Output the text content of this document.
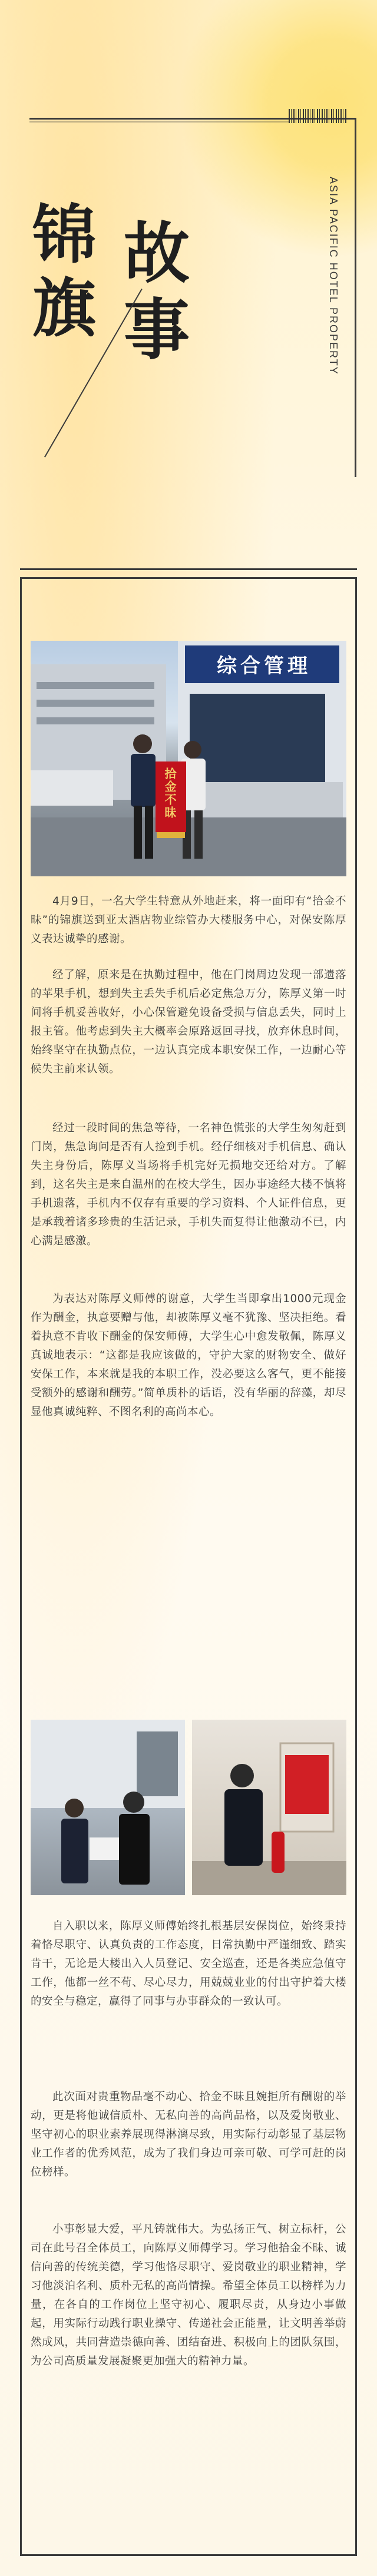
锦
旗
故
事	ASIA PACIFIC HOTEL PROPERTY
综合管理
拾金不昧

4月9日，一名大学生特意从外地赶来，将一面印有“拾金不昧”的锦旗送到亚太酒店物业综管办大楼服务中心，对保安陈厚义表达诚挚的感谢。

经了解，原来是在执勤过程中，他在门岗周边发现一部遗落的苹果手机，想到失主丢失手机后必定焦急万分，陈厚义第一时间将手机妥善收好，小心保管避免设备受损与信息丢失，同时上报主管。他考虑到失主大概率会原路返回寻找，放弃休息时间，始终坚守在执勤点位，一边认真完成本职安保工作，一边耐心等候失主前来认领。

经过一段时间的焦急等待，一名神色慌张的大学生匆匆赶到门岗，焦急询问是否有人捡到手机。经仔细核对手机信息、确认失主身份后，陈厚义当场将手机完好无损地交还给对方。了解到，这名失主是来自温州的在校大学生，因办事途经大楼不慎将手机遗落，手机内不仅存有重要的学习资料、个人证件信息，更是承载着诸多珍贵的生活记录，手机失而复得让他激动不已，内心满是感激。

为表达对陈厚义师傅的谢意，大学生当即拿出1000元现金作为酬金，执意要赠与他，却被陈厚义毫不犹豫、坚决拒绝。看着执意不肯收下酬金的保安师傅，大学生心中愈发敬佩，陈厚义真诚地表示：“这都是我应该做的，守护大家的财物安全、做好安保工作，本来就是我的本职工作，没必要这么客气，更不能接受额外的感谢和酬劳。”简单质朴的话语，没有华丽的辞藻，却尽显他真诚纯粹、不图名利的高尚本心。

自入职以来，陈厚义师傅始终扎根基层安保岗位，始终秉持着恪尽职守、认真负责的工作态度，日常执勤中严谨细致、踏实肯干，无论是大楼出入人员登记、安全巡查，还是各类应急值守工作，他都一丝不苟、尽心尽力，用兢兢业业的付出守护着大楼的安全与稳定，赢得了同事与办事群众的一致认可。

此次面对贵重物品毫不动心、拾金不昧且婉拒所有酬谢的举动，更是将他诚信质朴、无私向善的高尚品格，以及爱岗敬业、坚守初心的职业素养展现得淋漓尽致，用实际行动彰显了基层物业工作者的优秀风范，成为了我们身边可亲可敬、可学可赶的岗位榜样。

小事彰显大爱，平凡铸就伟大。为弘扬正气、树立标杆，公司在此号召全体员工，向陈厚义师傅学习。学习他拾金不昧、诚信向善的传统美德，学习他恪尽职守、爱岗敬业的职业精神，学习他淡泊名利、质朴无私的高尚情操。希望全体员工以榜样为力量，在各自的工作岗位上坚守初心、履职尽责，从身边小事做起，用实际行动践行职业操守、传递社会正能量，让文明善举蔚然成风，共同营造崇德向善、团结奋进、积极向上的团队氛围，为公司高质量发展凝聚更加强大的精神力量。
